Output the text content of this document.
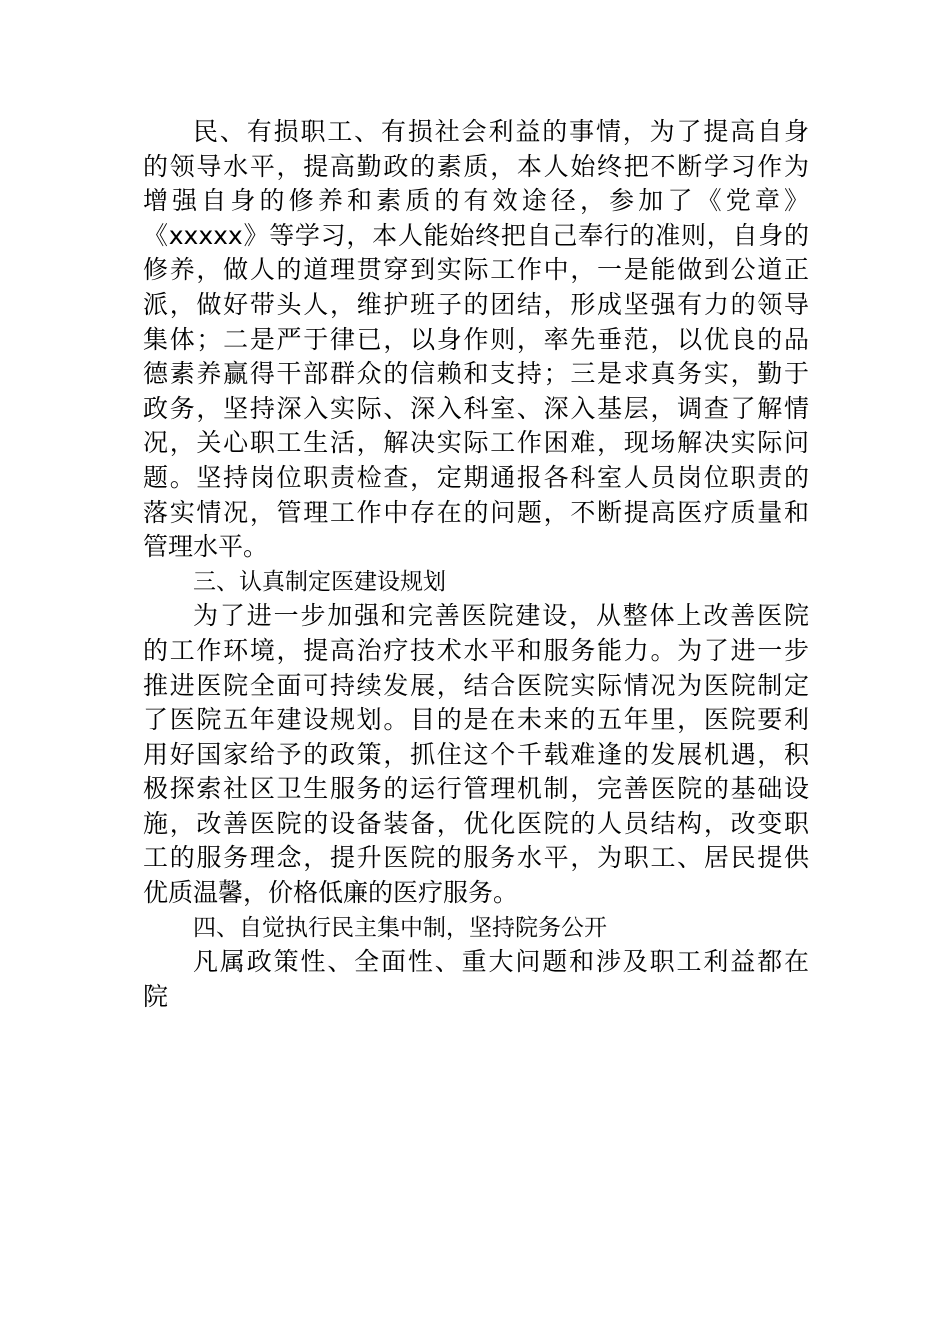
民、有损职工、有损社会利益的事情，为了提高自身
的领导水平，提高勤政的素质，本人始终把不断学习作为
增强自身的修养和素质的有效途径，参加了《党章》
《xxxxx》等学习，本人能始终把自己奉行的准则，自身的
修养，做人的道理贯穿到实际工作中，一是能做到公道正
派，做好带头人，维护班子的团结，形成坚强有力的领导
集体；二是严于律已，以身作则，率先垂范，以优良的品
德素养赢得干部群众的信赖和支持；三是求真务实，勤于
政务，坚持深入实际、深入科室、深入基层，调查了解情
况，关心职工生活，解决实际工作困难，现场解决实际问
题。坚持岗位职责检查，定期通报各科室人员岗位职责的
落实情况，管理工作中存在的问题，不断提高医疗质量和
管理水平。
三、认真制定医建设规划
为了进一步加强和完善医院建设，从整体上改善医院
的工作环境，提高治疗技术水平和服务能力。为了进一步
推进医院全面可持续发展，结合医院实际情况为医院制定
了医院五年建设规划。目的是在未来的五年里，医院要利
用好国家给予的政策，抓住这个千载难逢的发展机遇，积
极探索社区卫生服务的运行管理机制，完善医院的基础设
施，改善医院的设备装备，优化医院的人员结构，改变职
工的服务理念，提升医院的服务水平，为职工、居民提供
优质温馨，价格低廉的医疗服务。
四、自觉执行民主集中制，坚持院务公开
凡属政策性、全面性、重大问题和涉及职工利益都在
院
